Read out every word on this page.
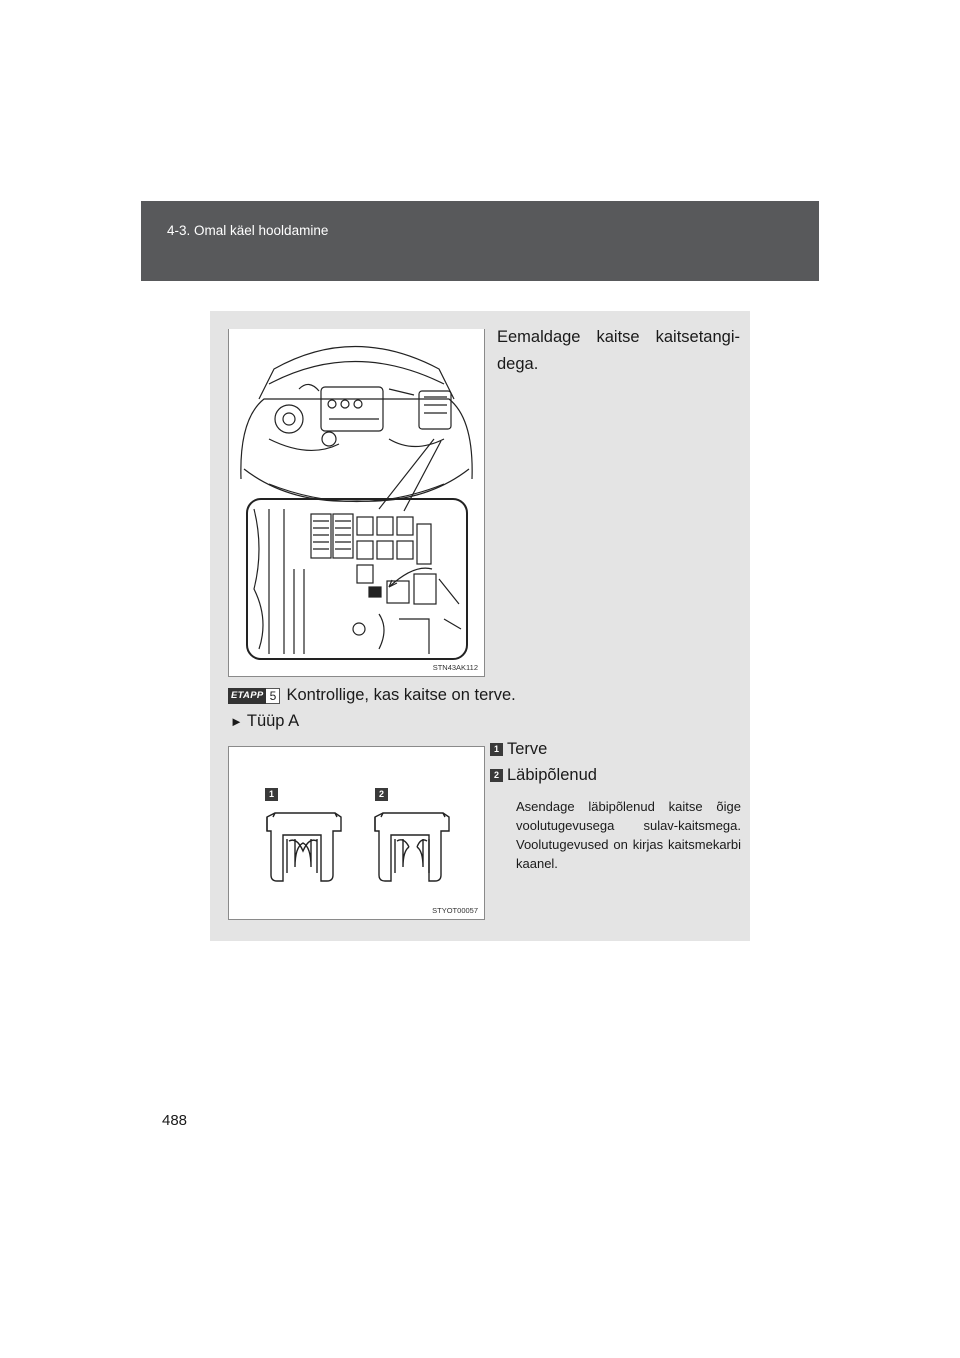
4-3. Omal käel hooldamine
STN43AK112
Eemaldage kaitse kaitsetangi-dega.
ETAPP 5 Kontrollige, kas kaitse on terve.
► Tüüp A
1	2
STYOT00057
1 Terve
2 Läbipõlenud
Asendage läbipõlenud kaitse õige voolutugevusega sulav-kaitsmega. Voolutugevused on kirjas kaitsmekarbi kaanel.
488
